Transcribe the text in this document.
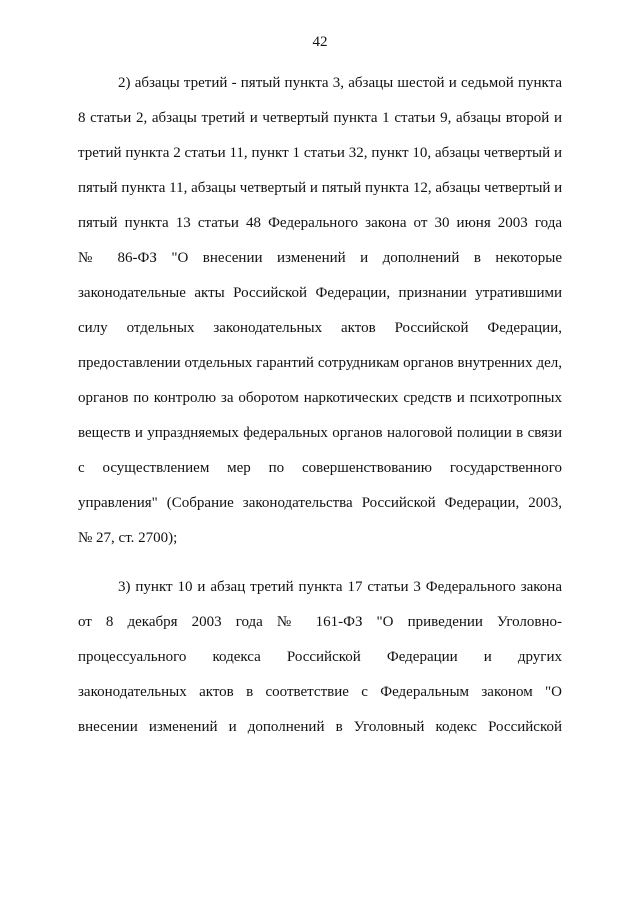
42
2) абзацы третий - пятый пункта 3, абзацы шестой и седьмой пункта
8 статьи 2, абзацы третий и четвертый пункта 1 статьи 9, абзацы второй и
третий пункта 2 статьи 11, пункт 1 статьи 32, пункт 10, абзацы четвертый и
пятый пункта 11, абзацы четвертый и пятый пункта 12, абзацы четвертый и
пятый пункта 13 статьи 48 Федерального закона от 30 июня 2003 года
№ 86-ФЗ "О внесении изменений и дополнений в некоторые
законодательные акты Российской Федерации, признании утратившими
силу отдельных законодательных актов Российской Федерации,
предоставлении отдельных гарантий сотрудникам органов внутренних дел,
органов по контролю за оборотом наркотических средств и психотропных
веществ и упраздняемых федеральных органов налоговой полиции в связи
с осуществлением мер по совершенствованию государственного
управления" (Собрание законодательства Российской Федерации, 2003,
№ 27, ст. 2700);
3) пункт 10 и абзац третий пункта 17 статьи 3 Федерального закона
от 8 декабря 2003 года № 161-ФЗ "О приведении Уголовно-
процессуального кодекса Российской Федерации и других
законодательных актов в соответствие с Федеральным законом "О
внесении изменений и дополнений в Уголовный кодекс Российской
